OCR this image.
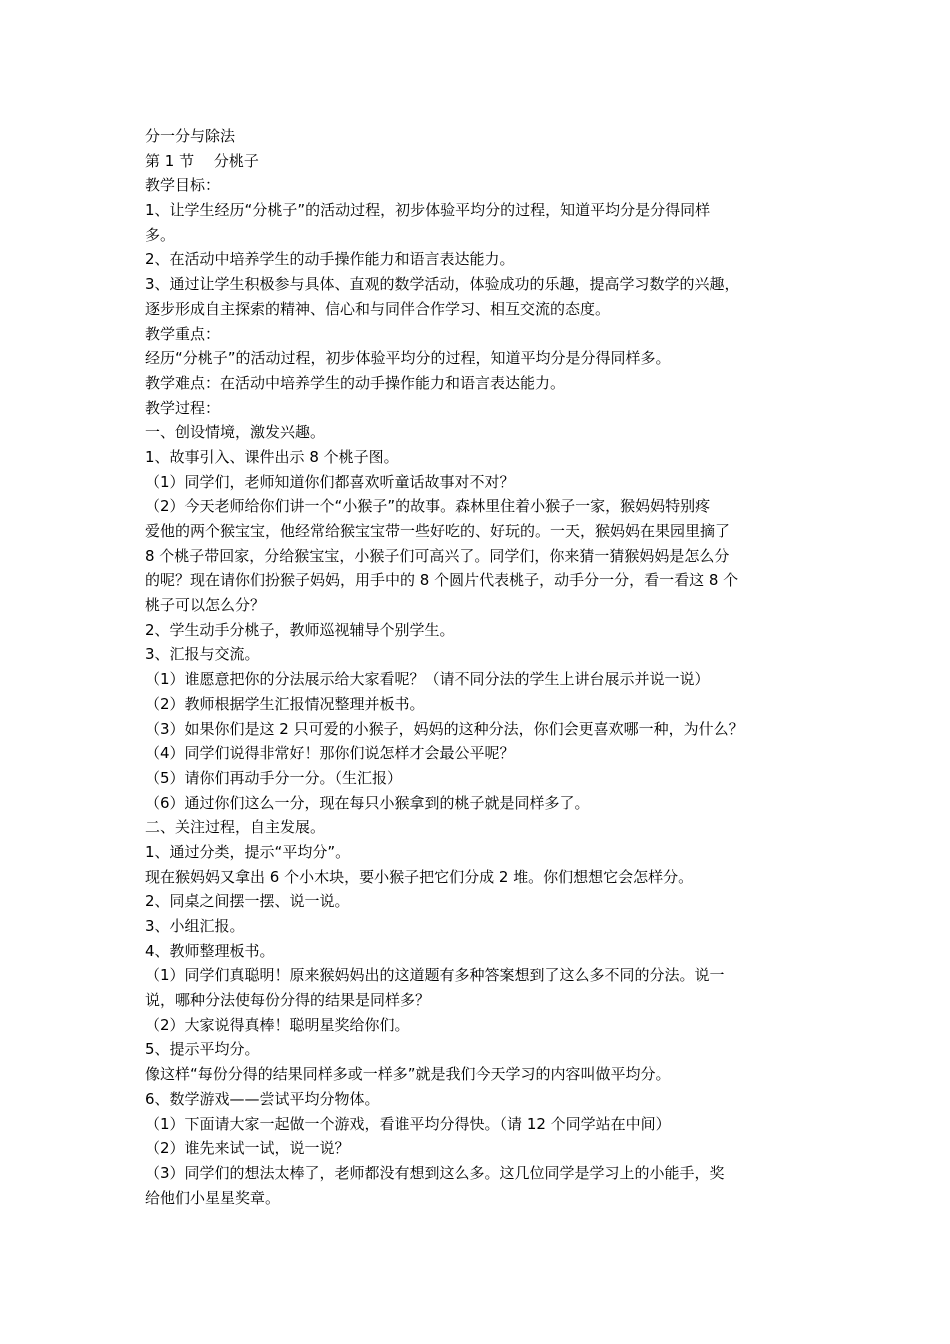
分一分与除法
第 1 节　 分桃子
教学目标：
1、让学生经历“分桃子”的活动过程，初步体验平均分的过程，知道平均分是分得同样
多。
2、在活动中培养学生的动手操作能力和语言表达能力。
3、通过让学生积极参与具体、直观的数学活动，体验成功的乐趣，提高学习数学的兴趣，
逐步形成自主探索的精神、信心和与同伴合作学习、相互交流的态度。
教学重点：
经历“分桃子”的活动过程，初步体验平均分的过程，知道平均分是分得同样多。
教学难点：在活动中培养学生的动手操作能力和语言表达能力。
教学过程：
一、创设情境，激发兴趣。
1、故事引入、课件出示 8 个桃子图。
（1）同学们，老师知道你们都喜欢听童话故事对不对？
（2）今天老师给你们讲一个“小猴子”的故事。森林里住着小猴子一家，猴妈妈特别疼
爱他的两个猴宝宝，他经常给猴宝宝带一些好吃的、好玩的。一天，猴妈妈在果园里摘了
8 个桃子带回家，分给猴宝宝，小猴子们可高兴了。同学们，你来猜一猜猴妈妈是怎么分
的呢？现在请你们扮猴子妈妈，用手中的 8 个圆片代表桃子，动手分一分，看一看这 8 个
桃子可以怎么分？
2、学生动手分桃子，教师巡视辅导个别学生。
3、汇报与交流。
（1）谁愿意把你的分法展示给大家看呢？（请不同分法的学生上讲台展示并说一说）
（2）教师根据学生汇报情况整理并板书。
（3）如果你们是这 2 只可爱的小猴子，妈妈的这种分法，你们会更喜欢哪一种，为什么？
（4）同学们说得非常好！那你们说怎样才会最公平呢？
（5）请你们再动手分一分。（生汇报）
（6）通过你们这么一分，现在每只小猴拿到的桃子就是同样多了。
二、关注过程，自主发展。
1、通过分类，提示“平均分”。
现在猴妈妈又拿出 6 个小木块，要小猴子把它们分成 2 堆。你们想想它会怎样分。
2、同桌之间摆一摆、说一说。
3、小组汇报。
4、教师整理板书。
（1）同学们真聪明！原来猴妈妈出的这道题有多种答案想到了这么多不同的分法。说一
说，哪种分法使每份分得的结果是同样多？
（2）大家说得真棒！聪明星奖给你们。
5、提示平均分。
像这样“每份分得的结果同样多或一样多”就是我们今天学习的内容叫做平均分。
6、数学游戏——尝试平均分物体。
（1）下面请大家一起做一个游戏，看谁平均分得快。（请 12 个同学站在中间）
（2）谁先来试一试，说一说？
（3）同学们的想法太棒了，老师都没有想到这么多。这几位同学是学习上的小能手，奖
给他们小星星奖章。
